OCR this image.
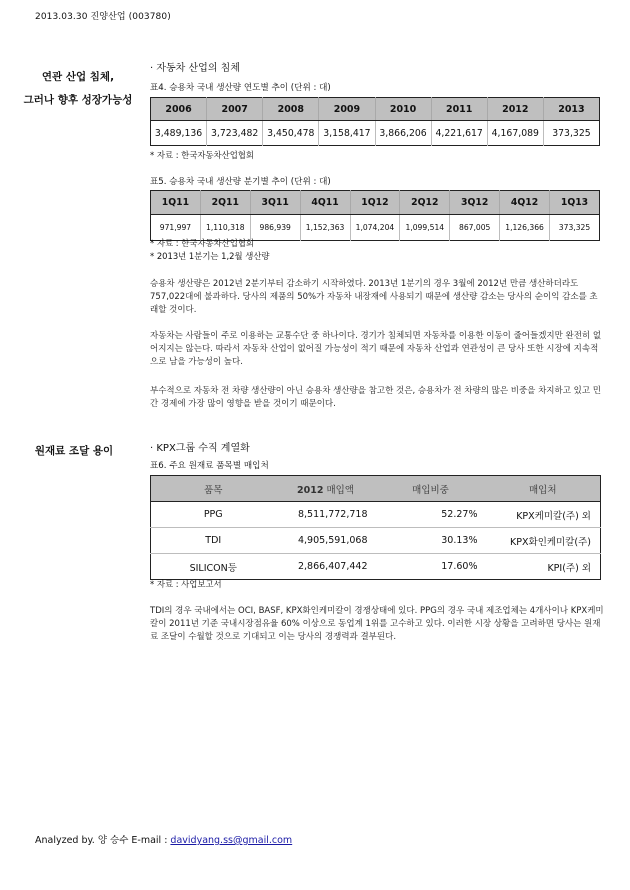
2013.03.30 진양산업 (003780)
연관 산업 침체,
그러나 향후 성장가능성
원재료 조달 용이
· 자동차 산업의 침체
표4. 승용차 국내 생산량 연도별 추이 (단위 : 대)
2006	2007	2008	2009	2010	2011	2012	2013
3,489,136	3,723,482	3,450,478	3,158,417	3,866,206	4,221,617	4,167,089	373,325
* 자료 : 한국자동차산업협회
표5. 승용차 국내 생산량 분기별 추이 (단위 : 대)
1Q11	2Q11	3Q11	4Q11	1Q12	2Q12	3Q12	4Q12	1Q13
971,997	1,110,318	986,939	1,152,363	1,074,204	1,099,514	867,005	1,126,366	373,325
* 자료 : 한국자동차산업협회
* 2013년 1분기는 1,2월 생산량
승용차 생산량은 2012년 2분기부터 감소하기 시작하였다. 2013년 1분기의 경우 3월에 2012년 만큼 생산하더라도 757,022대에 불과하다. 당사의 제품의 50%가 자동차 내장재에 사용되기 때문에 생산량 감소는 당사의 순이익 감소를 초래할 것이다.
자동차는 사람들이 주로 이용하는 교통수단 중 하나이다. 경기가 침체되면 자동차를 이용한 이동이 줄어들겠지만 완전히 없어지지는 않는다. 따라서 자동차 산업이 없어질 가능성이 적기 때문에 자동차 산업과 연관성이 큰 당사 또한 시장에 지속적으로 남을 가능성이 높다.
부수적으로 자동차 전 차량 생산량이 아닌 승용차 생산량을 참고한 것은, 승용차가 전 차량의 많은 비중을 차지하고 있고 민간 경제에 가장 많이 영향을 받을 것이기 때문이다.
· KPX그룹 수직 계열화
표6. 주요 원재료 품목별 매입처
품목	2012 매입액	매입비중	매입처
PPG	8,511,772,718	52.27%	KPX케미칼(주) 외
TDI	4,905,591,068	30.13%	KPX화인케미칼(주)
SILICON등	2,866,407,442	17.60%	KPI(주) 외
* 자료 : 사업보고서
TDI의 경우 국내에서는 OCI, BASF, KPX화인케미칼이 경쟁상태에 있다. PPG의 경우 국내 제조업체는 4개사이나 KPX케미칼이 2011년 기준 국내시장점유율 60% 이상으로 동업계 1위를 고수하고 있다. 이러한 시장 상황을 고려하면 당사는 원재료 조달이 수월할 것으로 기대되고 이는 당사의 경쟁력과 결부된다.
Analyzed by. 양 승수 E-mail : davidyang.ss@gmail.com
